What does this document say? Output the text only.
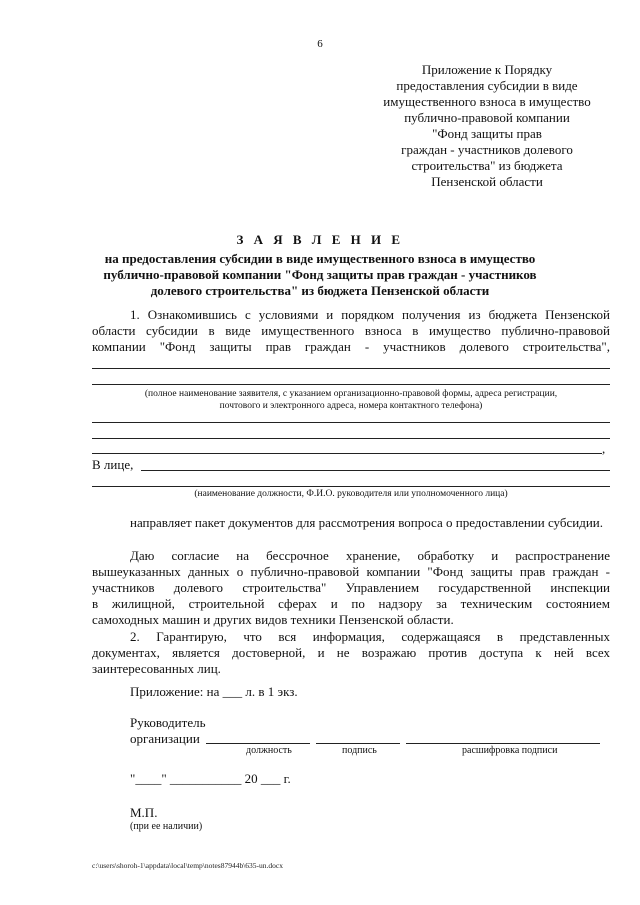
6
Приложение к Порядку
предоставления субсидии в виде
имущественного взноса в имущество
публично-правовой компании
"Фонд защиты прав
граждан - участников долевого
строительства" из бюджета
Пензенской области
З А Я В Л Е Н И Е
на предоставления субсидии в виде имущественного взноса в имущество
публично-правовой компании "Фонд защиты прав граждан - участников
долевого строительства" из бюджета Пензенской области
1. Ознакомившись с условиями и порядком получения из бюджета Пензенской
области субсидии в виде имущественного взноса в имущество публично-правовой
компании "Фонд защиты прав граждан - участников долевого строительства",
(полное наименование заявителя, с указанием организационно-правовой формы, адреса регистрации,
почтового и электронного адреса, номера контактного телефона)
,
В лице,
(наименование должности, Ф.И.О. руководителя или уполномоченного лица)
направляет пакет документов для рассмотрения вопроса о предоставлении субсидии.
Даю согласие на бессрочное хранение, обработку и распространение
вышеуказанных данных о публично-правовой компании "Фонд защиты прав граждан -
участников долевого строительства" Управлением государственной инспекции
в жилищной, строительной сферах и по надзору за техническим состоянием
самоходных машин и других видов техники Пензенской области.
2. Гарантирую, что вся информация, содержащаяся в представленных
документах, является достоверной, и не возражаю против доступа к ней всех
заинтересованных лиц.
Приложение: на ___ л. в 1 экз.
Руководитель
организации
должность	подпись	расшифровка подписи
"____" ___________ 20 ___ г.
М.П.
(при ее наличии)
c:\users\shoroh-1\appdata\local\temp\notes87944b\635-un.docx
